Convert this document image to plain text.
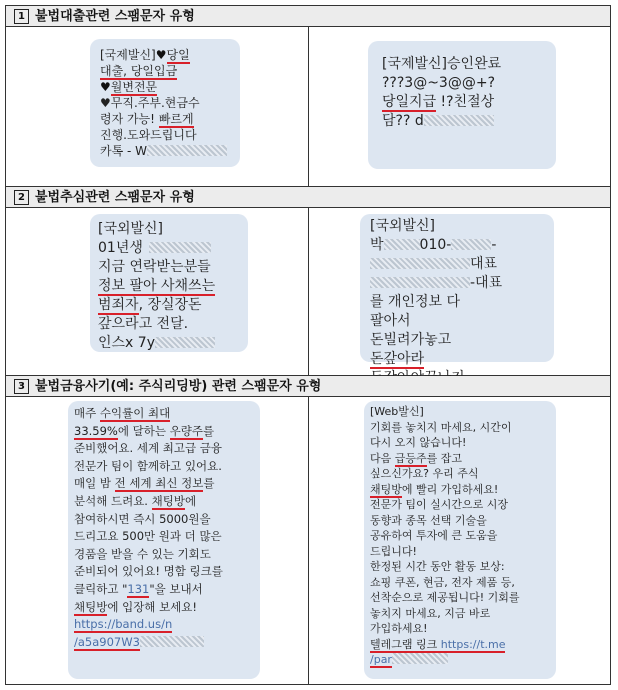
1 불법대출관련 스팸문자 유형
[국제발신]♥당일
대출, 당일입금
♥월변전문
♥무직.주부.현금수
령자 가능! 빠르게
진행.도와드립니다
카톡 - W
[국제발신]승인완료
???3@~3@@+?
당일지급 !?친절상
담?? d
2 불법추심관련 스팸문자 유형
[국외발신]
01년생
지금 연락받는분들
정보 팔아 사채쓰는
범죄자, 장실장돈
갚으라고 전달.
인스x 7y
[국외발신]
박	010-	-
대표
-대표
를 개인정보 다
팔아서
돈빌려가놓고
돈갚아라
3 불법금융사기(예: 주식리딩방) 관련 스팸문자 유형
매주 수익률이 최대
33.59%에 달하는 우량주를
준비했어요. 세계 최고급 금융
전문가 팀이 함께하고 있어요.
매일 밤 전 세계 최신 정보를
분석해 드려요. 채팅방에
참여하시면 즉시 5000원을
드리고요 500만 원과 더 많은
경품을 받을 수 있는 기회도
준비되어 있어요! 명함 링크를
클릭하고 "131"을 보내서
채팅방에 입장해 보세요!
https://band.us/n
/a5a907W3
[Web발신]
기회를 놓치지 마세요, 시간이
다시 오지 않습니다!
다음 급등주를 잡고
싶으신가요? 우리 주식
채팅방에 빨리 가입하세요!
전문가 팀이 실시간으로 시장
동향과 종목 선택 기술을
공유하여 투자에 큰 도움을
드립니다!
한정된 시간 동안 활동 보상:
쇼핑 쿠폰, 현금, 전자 제품 등,
선착순으로 제공됩니다! 기회를
놓치지 마세요, 지금 바로
가입하세요!
텔레그램 링크 https://t.me
/par
